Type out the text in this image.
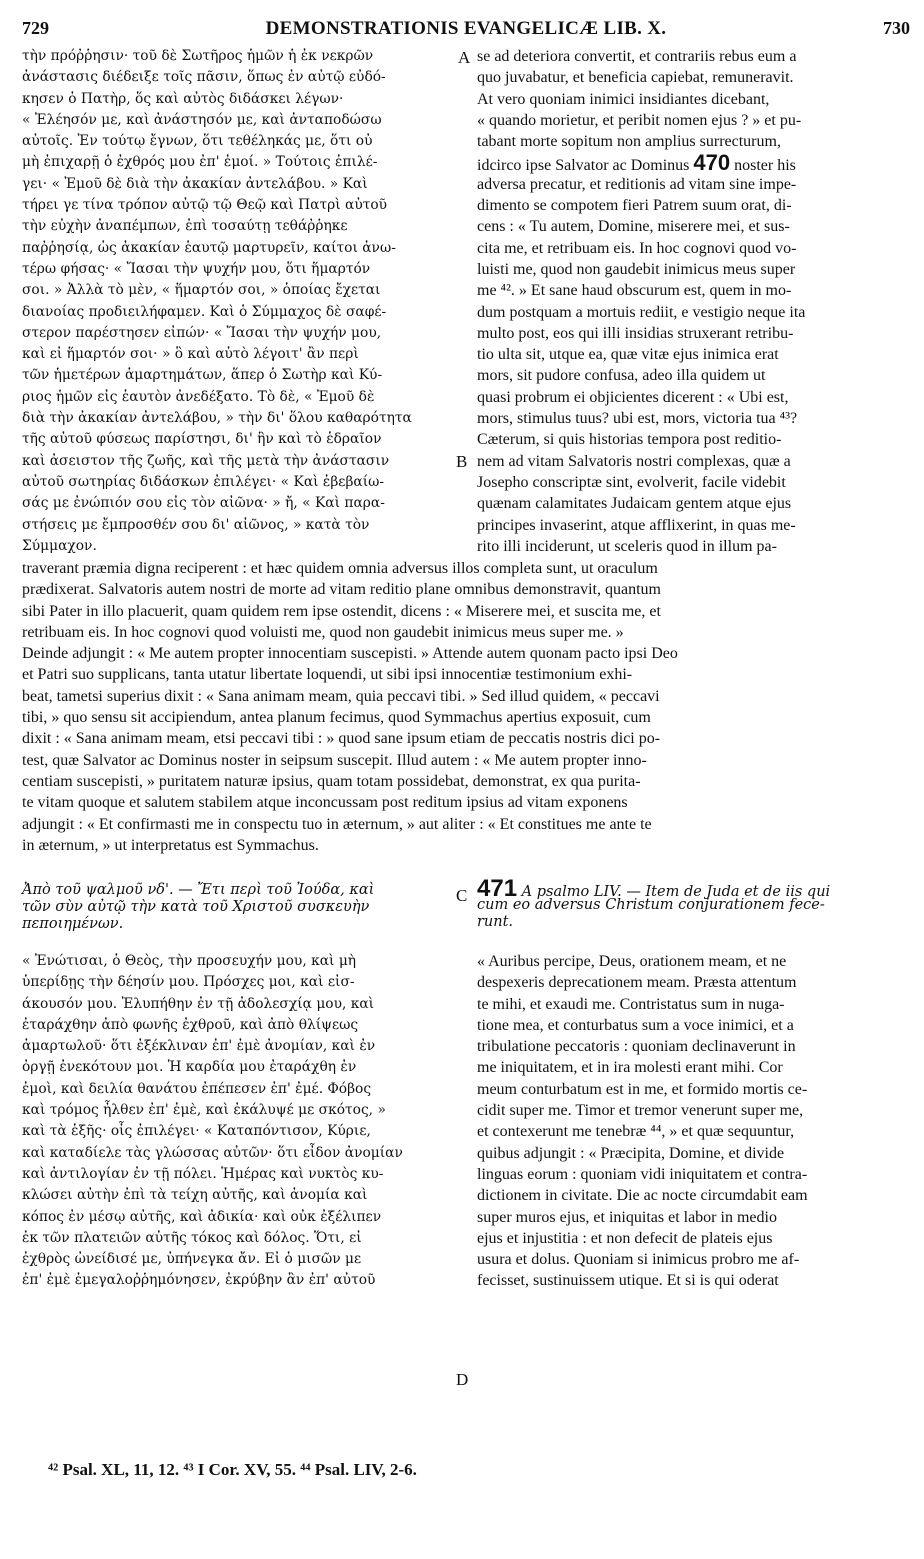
729	DEMONSTRATIONIS EVANGELICÆ LIB. X.	730
τὴν πρόῤῥησιν· τοῦ δὲ Σωτῆρος ἡμῶν ἡ ἐκ νεκρῶν
ἀνάστασις διέδειξε τοῖς πᾶσιν, ὅπως ἐν αὐτῷ εὐδό-
κησεν ὁ Πατὴρ, ὅς καὶ αὐτὸς διδάσκει λέγων·
« Ἐλέησόν με, καὶ ἀνάστησόν με, καὶ ἀνταποδώσω
αὐτοῖς. Ἐν τούτῳ ἔγνων, ὅτι τεθέληκάς με, ὅτι οὐ
μὴ ἐπιχαρῇ ὁ ἐχθρός μου ἐπ' ἐμοί. » Τούτοις ἐπιλέ-
γει· « Ἐμοῦ δὲ διὰ τὴν ἀκακίαν ἀντελάβου. » Καὶ
τήρει γε τίνα τρόπον αὐτῷ τῷ Θεῷ καὶ Πατρὶ αὐτοῦ
τὴν εὐχὴν ἀναπέμπων, ἐπὶ τοσαύτῃ τεθάῤῥηκε
παῤῥησίᾳ, ὡς ἀκακίαν ἑαυτῷ μαρτυρεῖν, καίτοι ἀνω-
τέρω φήσας· « Ἴασαι τὴν ψυχήν μου, ὅτι ἥμαρτόν
σοι. » Ἀλλὰ τὸ μὲν, « ἥμαρτόν σοι, » ὁποίας ἔχεται
διανοίας προδιειλήφαμεν. Καὶ ὁ Σύμμαχος δὲ σαφέ-
στερον παρέστησεν εἰπών· « Ἴασαι τὴν ψυχήν μου,
καὶ εἰ ἥμαρτόν σοι· » ὃ καὶ αὐτὸ λέγοιτ' ἂν περὶ
τῶν ἡμετέρων ἁμαρτημάτων, ἅπερ ὁ Σωτὴρ καὶ Κύ-
ριος ἡμῶν εἰς ἑαυτὸν ἀνεδέξατο. Τὸ δὲ, « Ἐμοῦ δὲ
διὰ τὴν ἀκακίαν ἀντελάβου, » τὴν δι' ὅλου καθαρότητα
τῆς αὐτοῦ φύσεως παρίστησι, δι' ἣν καὶ τὸ ἑδραῖον
καὶ ἀσειστον τῆς ζωῆς, καὶ τῆς μετὰ τὴν ἀνάστασιν
αὐτοῦ σωτηρίας διδάσκων ἐπιλέγει· « Καὶ ἐβεβαίω-
σάς με ἐνώπιόν σου εἰς τὸν αἰῶνα· » ἤ, « Καὶ παρα-
στήσεις με ἔμπροσθέν σου δι' αἰῶνος, » κατὰ τὸν
Σύμμαχον.
se ad deteriora convertit, et contrariis rebus eum a
quo juvabatur, et beneficia capiebat, remuneravit.
At vero quoniam inimici insidiantes dicebant,
« quando morietur, et peribit nomen ejus ? » et pu-
tabant morte sopitum non amplius surrecturum,
idcirco ipse Salvator ac Dominus 470 noster his
adversa precatur, et reditionis ad vitam sine impe-
dimento se compotem fieri Patrem suum orat, di-
cens : « Tu autem, Domine, miserere mei, et sus-
cita me, et retribuam eis. In hoc cognovi quod vo-
luisti me, quod non gaudebit inimicus meus super
me ⁴². » Et sane haud obscurum est, quem in mo-
dum postquam a mortuis rediit, e vestigio neque ita
multo post, eos qui illi insidias struxerant retribu-
tio ulta sit, utque ea, quæ vitæ ejus inimica erat
mors, sit pudore confusa, adeo illa quidem ut
quasi probrum ei objicientes dicerent : « Ubi est,
mors, stimulus tuus? ubi est, mors, victoria tua ⁴³?
Cæterum, si quis historias tempora post reditio-
nem ad vitam Salvatoris nostri complexas, quæ a
Josepho conscriptæ sint, evolverit, facile videbit
quænam calamitates Judaicam gentem atque ejus
principes invaserint, atque afflixerint, in quas me-
rito illi inciderunt, ut sceleris quod in illum pa-
A
B
traverant præmia digna reciperent : et hæc quidem omnia adversus illos completa sunt, ut oraculum
prædixerat. Salvatoris autem nostri de morte ad vitam reditio plane omnibus demonstravit, quantum
sibi Pater in illo placuerit, quam quidem rem ipse ostendit, dicens : « Miserere mei, et suscita me, et
retribuam eis. In hoc cognovi quod voluisti me, quod non gaudebit inimicus meus super me. »
Deinde adjungit : « Me autem propter innocentiam suscepisti. » Attende autem quonam pacto ipsi Deo
et Patri suo supplicans, tanta utatur libertate loquendi, ut sibi ipsi innocentiæ testimonium exhi-
beat, tametsi superius dixit : « Sana animam meam, quia peccavi tibi. » Sed illud quidem, « peccavi
tibi, » quo sensu sit accipiendum, antea planum fecimus, quod Symmachus apertius exposuit, cum
dixit : « Sana animam meam, etsi peccavi tibi : » quod sane ipsum etiam de peccatis nostris dici po-
test, quæ Salvator ac Dominus noster in seipsum suscepit. Illud autem : « Me autem propter inno-
centiam suscepisti, » puritatem naturæ ipsius, quam totam possidebat, demonstrat, ex qua purita-
te vitam quoque et salutem stabilem atque inconcussam post reditum ipsius ad vitam exponens
adjungit : « Et confirmasti me in conspectu tuo in æternum, » aut aliter : « Et constitues me ante te
in æternum, » ut interpretatus est Symmachus.
Ἀπὸ τοῦ ψαλμοῦ νδ'. — Ἔτι περὶ τοῦ Ἰούδα, καὶ
τῶν σὺν αὐτῷ τὴν κατὰ τοῦ Χριστοῦ συσκευὴν
πεποιημένων.
C 471 A psalmo LIV. — Item de Juda et de iis qui
cum eo adversus Christum conjurationem fece-
runt.
« Ἐνώτισαι, ὁ Θεὸς, τὴν προσευχήν μου, καὶ μὴ
ὑπερίδῃς τὴν δέησίν μου. Πρόσχες μοι, καὶ εἰσ-
άκουσόν μου. Ἐλυπήθην ἐν τῇ ἀδολεσχίᾳ μου, καὶ
ἐταράχθην ἀπὸ φωνῆς ἐχθροῦ, καὶ ἀπὸ θλίψεως
ἁμαρτωλοῦ· ὅτι ἐξέκλιναν ἐπ' ἐμὲ ἀνομίαν, καὶ ἐν
ὀργῇ ἐνεκότουν μοι. Ἡ καρδία μου ἐταράχθη ἐν
ἐμοὶ, καὶ δειλία θανάτου ἐπέπεσεν ἐπ' ἐμέ. Φόβος
καὶ τρόμος ἦλθεν ἐπ' ἐμὲ, καὶ ἐκάλυψέ με σκότος, »
καὶ τὰ ἑξῆς· οἷς ἐπιλέγει· « Καταπόντισον, Κύριε,
καὶ καταδίελε τὰς γλώσσας αὐτῶν· ὅτι εἶδον ἀνομίαν
καὶ ἀντιλογίαν ἐν τῇ πόλει. Ἡμέρας καὶ νυκτὸς κυ-
κλώσει αὐτὴν ἐπὶ τὰ τείχη αὐτῆς, καὶ ἀνομία καὶ
κόπος ἐν μέσῳ αὐτῆς, καὶ ἀδικία· καὶ οὐκ ἐξέλιπεν
ἐκ τῶν πλατειῶν αὐτῆς τόκος καὶ δόλος. Ὅτι, εἰ
ἐχθρὸς ὠνείδισέ με, ὑπήνεγκα ἄν. Εἰ ὁ μισῶν με
ἐπ' ἐμὲ ἐμεγαλοῤῥημόνησεν, ἐκρύβην ἂν ἐπ' αὐτοῦ
« Auribus percipe, Deus, orationem meam, et ne
despexeris deprecationem meam. Præsta attentum
te mihi, et exaudi me. Contristatus sum in nuga-
tione mea, et conturbatus sum a voce inimici, et a
tribulatione peccatoris : quoniam declinaverunt in
me iniquitatem, et in ira molesti erant mihi. Cor
meum conturbatum est in me, et formido mortis ce-
cidit super me. Timor et tremor venerunt super me,
et contexerunt me tenebræ ⁴⁴, » et quæ sequuntur,
quibus adjungit : « Præcipita, Domine, et divide
linguas eorum : quoniam vidi iniquitatem et contra-
dictionem in civitate. Die ac nocte circumdabit eam
super muros ejus, et iniquitas et labor in medio
ejus et injustitia : et non defecit de plateis ejus
usura et dolus. Quoniam si inimicus probro me af-
fecisset, sustinuissem utique. Et si is qui oderat
D
⁴² Psal. XL, 11, 12. ⁴³ I Cor. XV, 55. ⁴⁴ Psal. LIV, 2-6.
